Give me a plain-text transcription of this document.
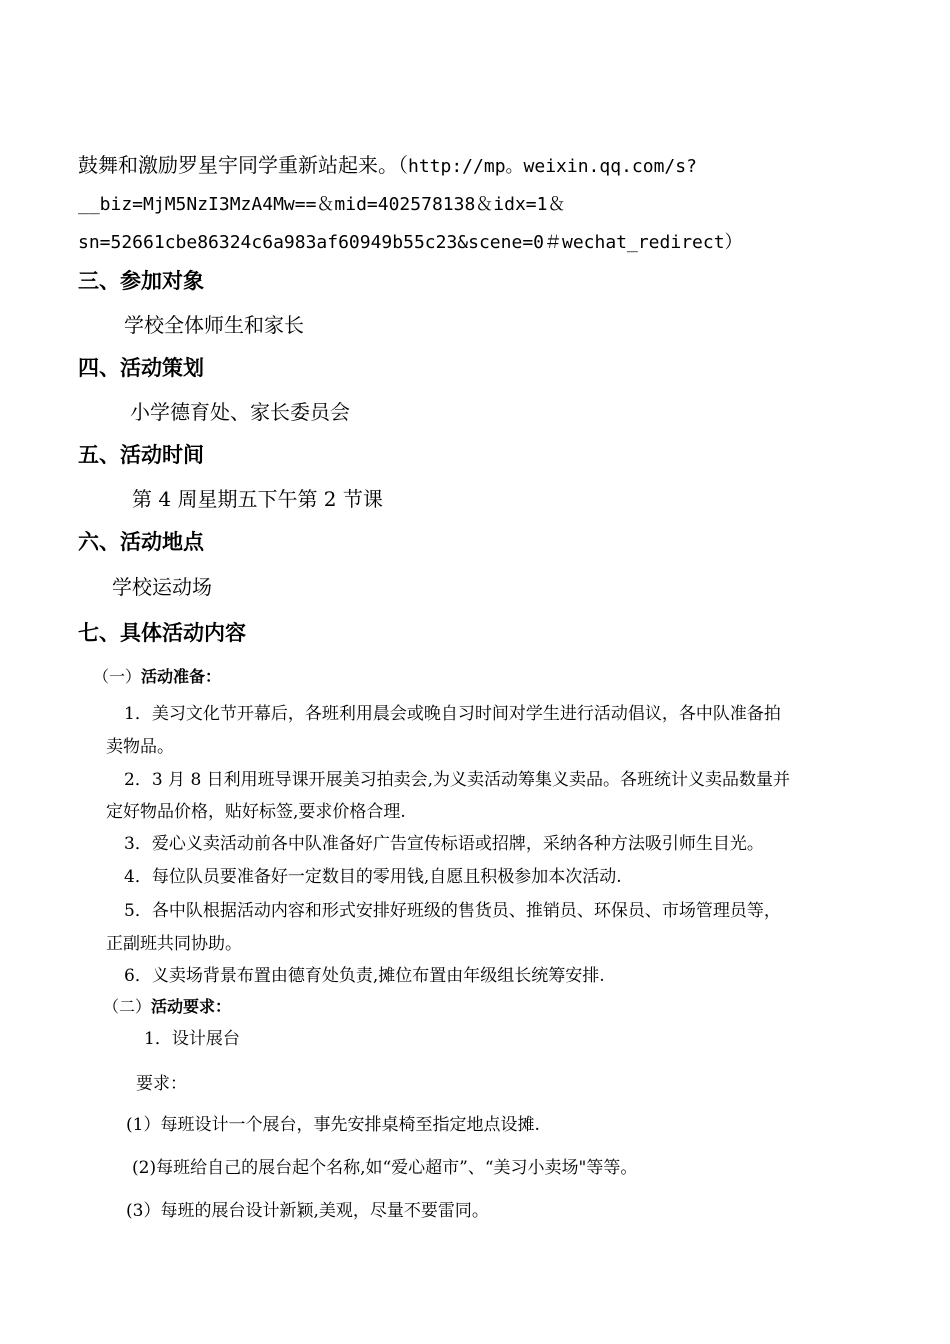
鼓舞和激励罗星宇同学重新站起来。（http://mp。weixin.qq.com/s?
__biz=MjM5NzI3MzA4Mw==＆mid=402578138＆idx=1＆
sn=52661cbe86324c6a983af60949b55c23&scene=0＃wechat_redirect）
三、参加对象
学校全体师生和家长
四、活动策划
小学德育处、家长委员会
五、活动时间
第 4 周星期五下午第 2 节课
六、活动地点
学校运动场
七、具体活动内容
（一）活动准备：
1．美习文化节开幕后，各班利用晨会或晚自习时间对学生进行活动倡议，各中队准备拍
卖物品。
2．3 月 8 日利用班导课开展美习拍卖会,为义卖活动筹集义卖品。各班统计义卖品数量并
定好物品价格，贴好标签,要求价格合理.
3．爱心义卖活动前各中队准备好广告宣传标语或招牌，采纳各种方法吸引师生目光。
4．每位队员要准备好一定数目的零用钱,自愿且积极参加本次活动.
5．各中队根据活动内容和形式安排好班级的售货员、推销员、环保员、市场管理员等，
正副班共同协助。
6．义卖场背景布置由德育处负责,摊位布置由年级组长统筹安排.
（二）活动要求：
1．设计展台
要求：
(1）每班设计一个展台，事先安排桌椅至指定地点设摊.
(2)每班给自己的展台起个名称,如“爱心超市”、“美习小卖场"等等。
(3）每班的展台设计新颖,美观，尽量不要雷同。
